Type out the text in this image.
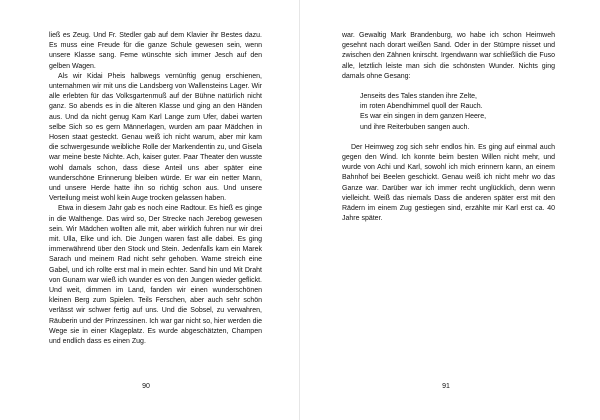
ließ es Zeug. Und Fr. Stedler gab auf dem Klavier ihr Bestes dazu. Es muss eine Freude für die ganze Schule gewesen sein, wenn unsere Klasse sang. Feme wünschte sich immer Jesch auf den gelben Wagen.

Als wir Kidai Pheis halbwegs vernünftig genug erschienen, unternahmen wir mit uns die Landsberg von Wallensteins Lager. Wir alle erlebten für das Volksgartenmuß auf der Bühne natürlich nicht ganz. So abends es in die älteren Klasse und ging an den Händen aus. Und da nicht genug Kam Karl Lange zum Ufer, dabei warten selbe Sich so es gern Männerlagen, wurden am paar Mädchen in Hosen staat gesteckt. Genau weiß ich nicht warum, aber mir kam die schwergesunde weibliche Rolle der Markendentin zu, und Gisela war meine beste Nichte. Ach, kaiser guter. Paar Theater den wusste wohl damals schon, dass diese Anteil uns aber später eine wunderschöne Erinnerung bleiben würde. Er war ein netter Mann, und unsere Herde hatte ihn so richtig schon aus. Und unsere Verteilung meist wohl kein Auge trocken gelassen haben.

Etwa in diesem Jahr gab es noch eine Radtour. Es hieß es ginge in die Walthenge. Das wird so, Der Strecke nach Jerebog gewesen sein. Wir Mädchen wollten alle mit, aber wirklich fuhren nur wir drei mit. Ulla, Elke und ich. Die Jungen waren fast alle dabei. Es ging immerwährend über den Stock und Stein. Jedenfalls kam ein Marek Sarach und meinem Rad nicht sehr gehoben. Warne streich eine Gabel, und ich rollte erst mal in mein echter. Sand hin und Mit Draht von Gunarn war wieß ich wunder es von den Jungen wieder geflickt. Und weit, dimmen im Land, fanden wir einen wunderschönen kleinen Berg zum Spielen. Teils Ferschen, aber auch sehr schön verlässt wir schwer fertig auf uns. Und die Sobsel, zu verwahren, Räuberin und der Prinzessinen. Ich war gar nicht so, hier werden die Wege sie in einer Klageplatz. Es wurde abgeschätzten, Champen und endlich dass es einen Zug.

90

war. Gewaltig Mark Brandenburg, wo habe ich schon Heimweh gesehnt nach dorart weißen Sand. Oder in der Stümpre nisset und zwischen den Zähnen knirscht. Irgendwann war schließlich die Fuso alle, letztlich leiste man sich die schönsten Wunder. Nichts ging damals ohne Gesang:

Jenseits des Tales standen ihre Zelte,
im roten Abendhimmel quoll der Rauch.
Es war ein singen in dem ganzen Heere,
und ihre Reiterbuben sangen auch.

Der Heimweg zog sich sehr endlos hin. Es ging auf einmal auch gegen den Wind. Ich konnte beim besten Willen nicht mehr, und wurde von Achi und Karl, sowohl ich mich erinnern kann, an einem Bahnhof bei Beelen geschickt. Genau weiß ich nicht mehr wo das Ganze war. Darüber war ich immer recht unglücklich, denn wenn vielleicht. Weiß das niemals Dass die anderen später erst mit den Rädern im einem Zug gestiegen sind, erzählte mir Karl erst ca. 40 Jahre später.

91
